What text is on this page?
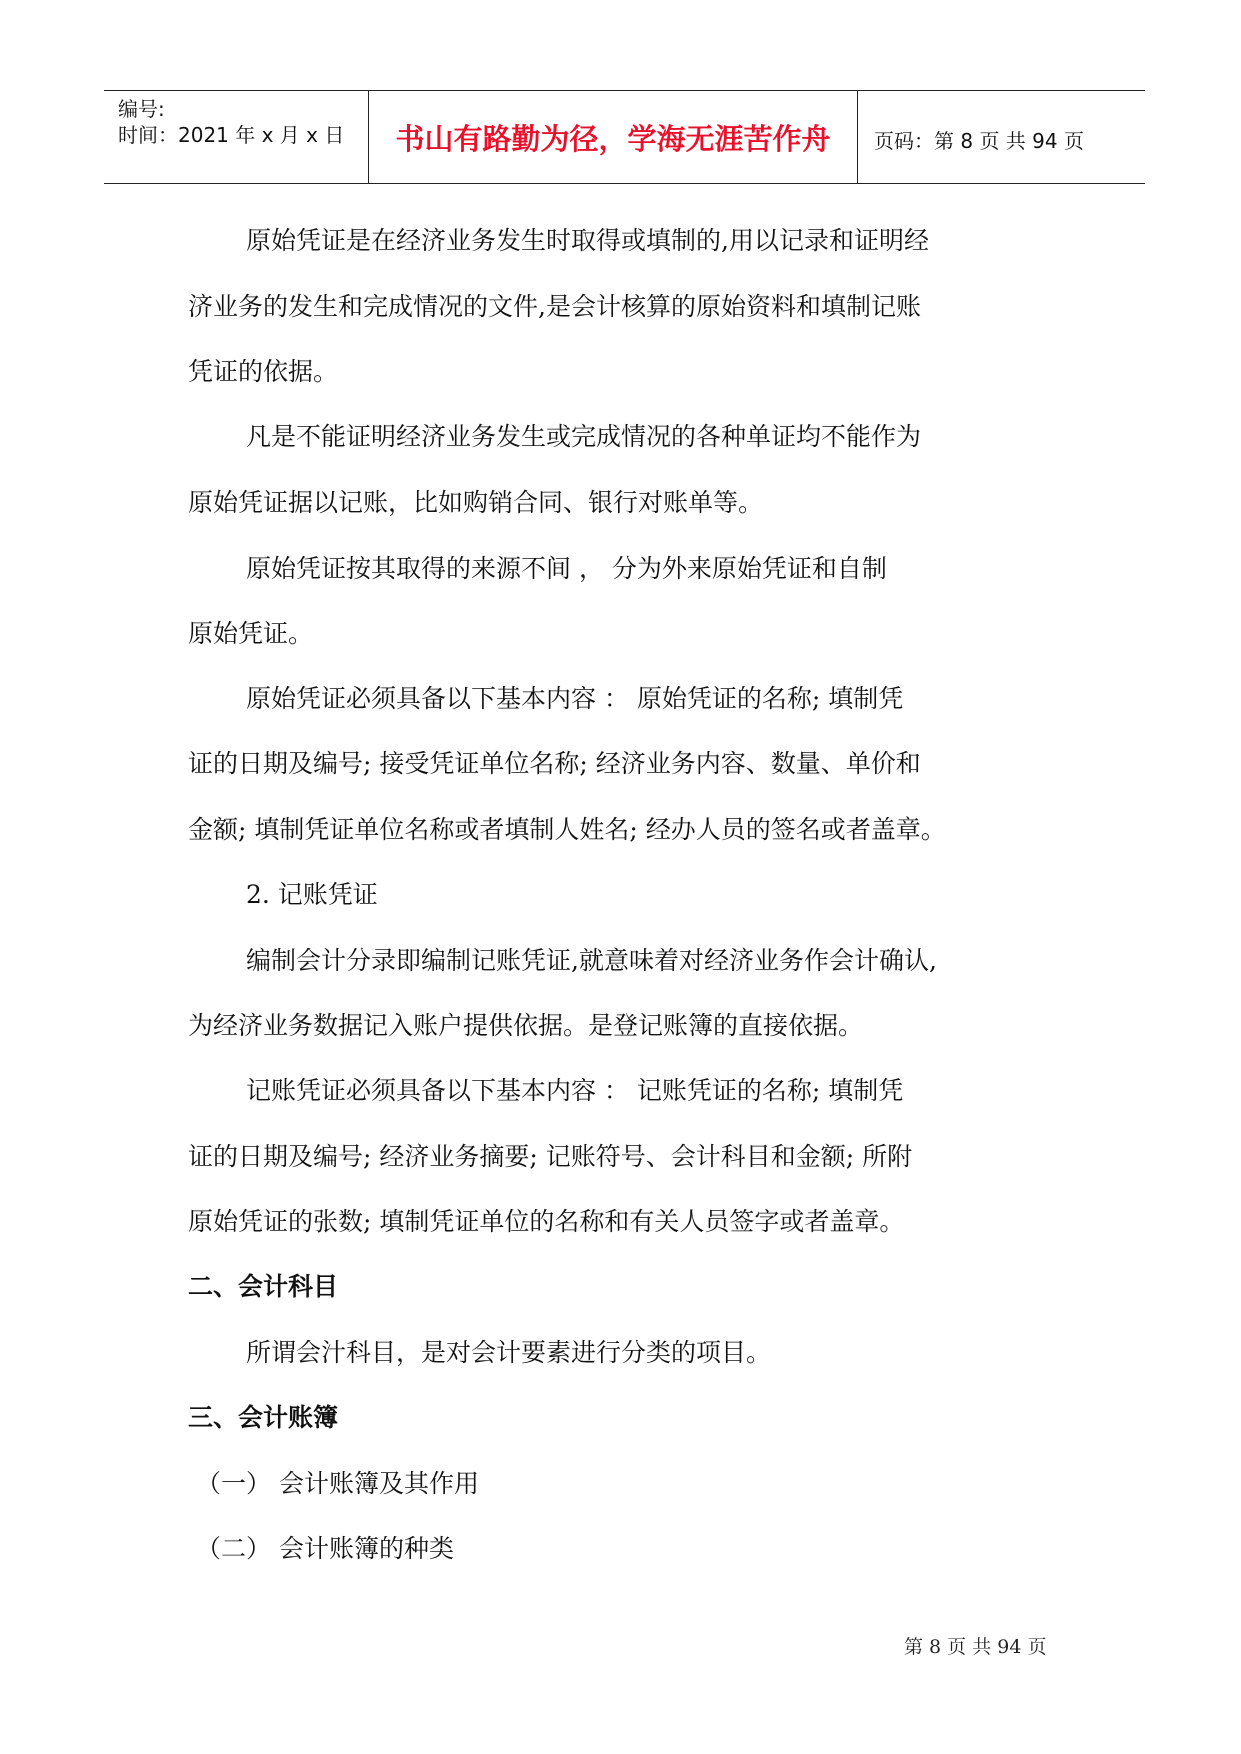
编号:
时间：2021 年 x 月 x 日	书山有路勤为径，学海无涯苦作舟	页码：第 8 页 共 94 页
原始凭证是在经济业务发生时取得或填制的,用以记录和证明经
济业务的发生和完成情况的文件,是会计核算的原始资料和填制记账
凭证的依据。
凡是不能证明经济业务发生或完成情况的各种单证均不能作为
原始凭证据以记账，比如购销合同、银行对账单等。
原始凭证按其取得的来源不间 ， 分为外来原始凭证和自制
原始凭证。
原始凭证必须具备以下基本内容 ： 原始凭证的名称; 填制凭
证的日期及编号; 接受凭证单位名称; 经济业务内容、数量、单价和
金额; 填制凭证单位名称或者填制人姓名; 经办人员的签名或者盖章。
2. 记账凭证
编制会计分录即编制记账凭证,就意味着对经济业务作会计确认,
为经济业务数据记入账户提供依据。是登记账簿的直接依据。
记账凭证必须具备以下基本内容 ： 记账凭证的名称; 填制凭
证的日期及编号; 经济业务摘要; 记账符号、会计科目和金额; 所附
原始凭证的张数; 填制凭证单位的名称和有关人员签字或者盖章。
二、会计科目
所谓会汁科目，是对会计要素进行分类的项目。
三、会计账簿
（一） 会计账簿及其作用
（二） 会计账簿的种类
第 8 页 共 94 页
